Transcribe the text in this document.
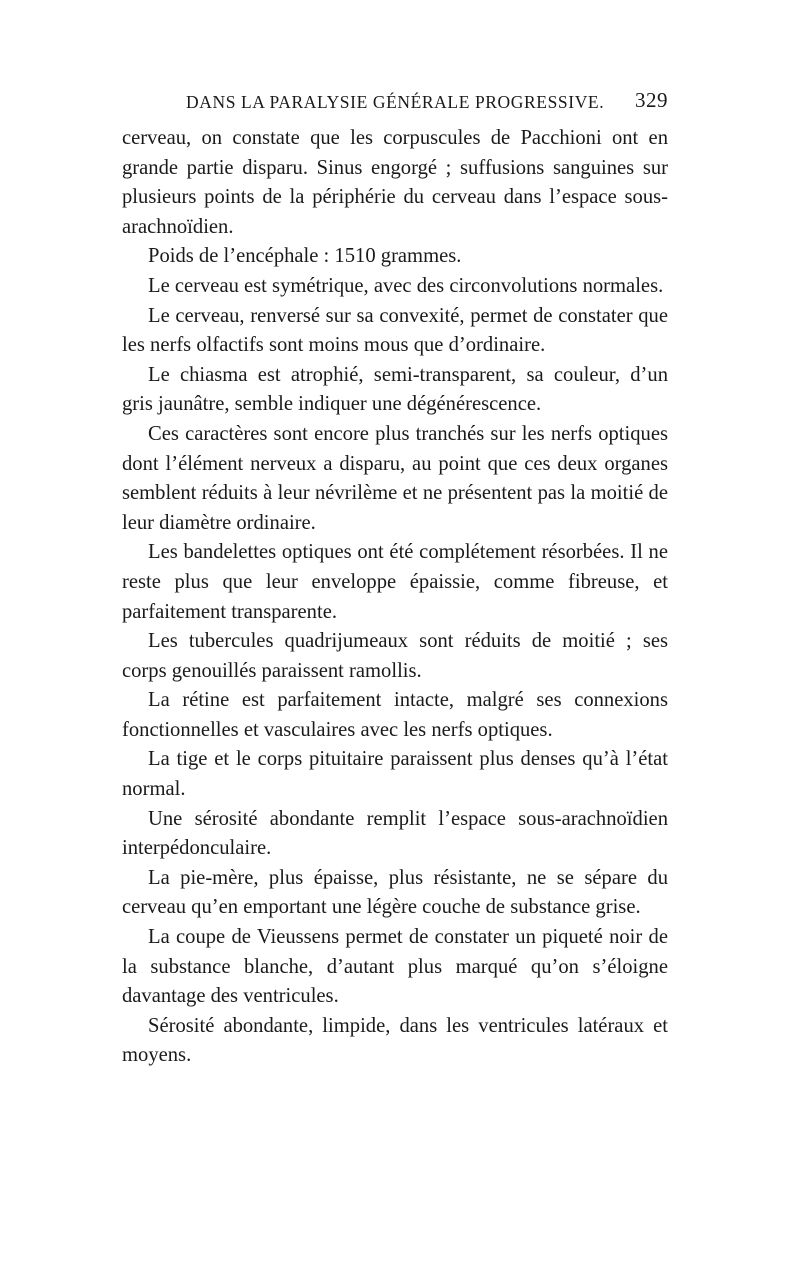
DANS LA PARALYSIE GÉNÉRALE PROGRESSIVE. 329

cerveau, on constate que les corpuscules de Pacchioni ont en grande partie disparu. Sinus engorgé ; suffusions sanguines sur plusieurs points de la périphérie du cerveau dans l’espace sous-arachnoïdien.

Poids de l’encéphale : 1510 grammes.

Le cerveau est symétrique, avec des circonvolutions normales.

Le cerveau, renversé sur sa convexité, permet de constater que les nerfs olfactifs sont moins mous que d’ordinaire.

Le chiasma est atrophié, semi-transparent, sa couleur, d’un gris jaunâtre, semble indiquer une dégénérescence.

Ces caractères sont encore plus tranchés sur les nerfs optiques dont l’élément nerveux a disparu, au point que ces deux organes semblent réduits à leur névrilème et ne présentent pas la moitié de leur diamètre ordinaire.

Les bandelettes optiques ont été complétement résorbées. Il ne reste plus que leur enveloppe épaissie, comme fibreuse, et parfaitement transparente.

Les tubercules quadrijumeaux sont réduits de moitié ; ses corps genouillés paraissent ramollis.

La rétine est parfaitement intacte, malgré ses connexions fonctionnelles et vasculaires avec les nerfs optiques.

La tige et le corps pituitaire paraissent plus denses qu’à l’état normal.

Une sérosité abondante remplit l’espace sous-arachnoïdien interpédonculaire.

La pie-mère, plus épaisse, plus résistante, ne se sépare du cerveau qu’en emportant une légère couche de substance grise.

La coupe de Vieussens permet de constater un piqueté noir de la substance blanche, d’autant plus marqué qu’on s’éloigne davantage des ventricules.

Sérosité abondante, limpide, dans les ventricules latéraux et moyens.
